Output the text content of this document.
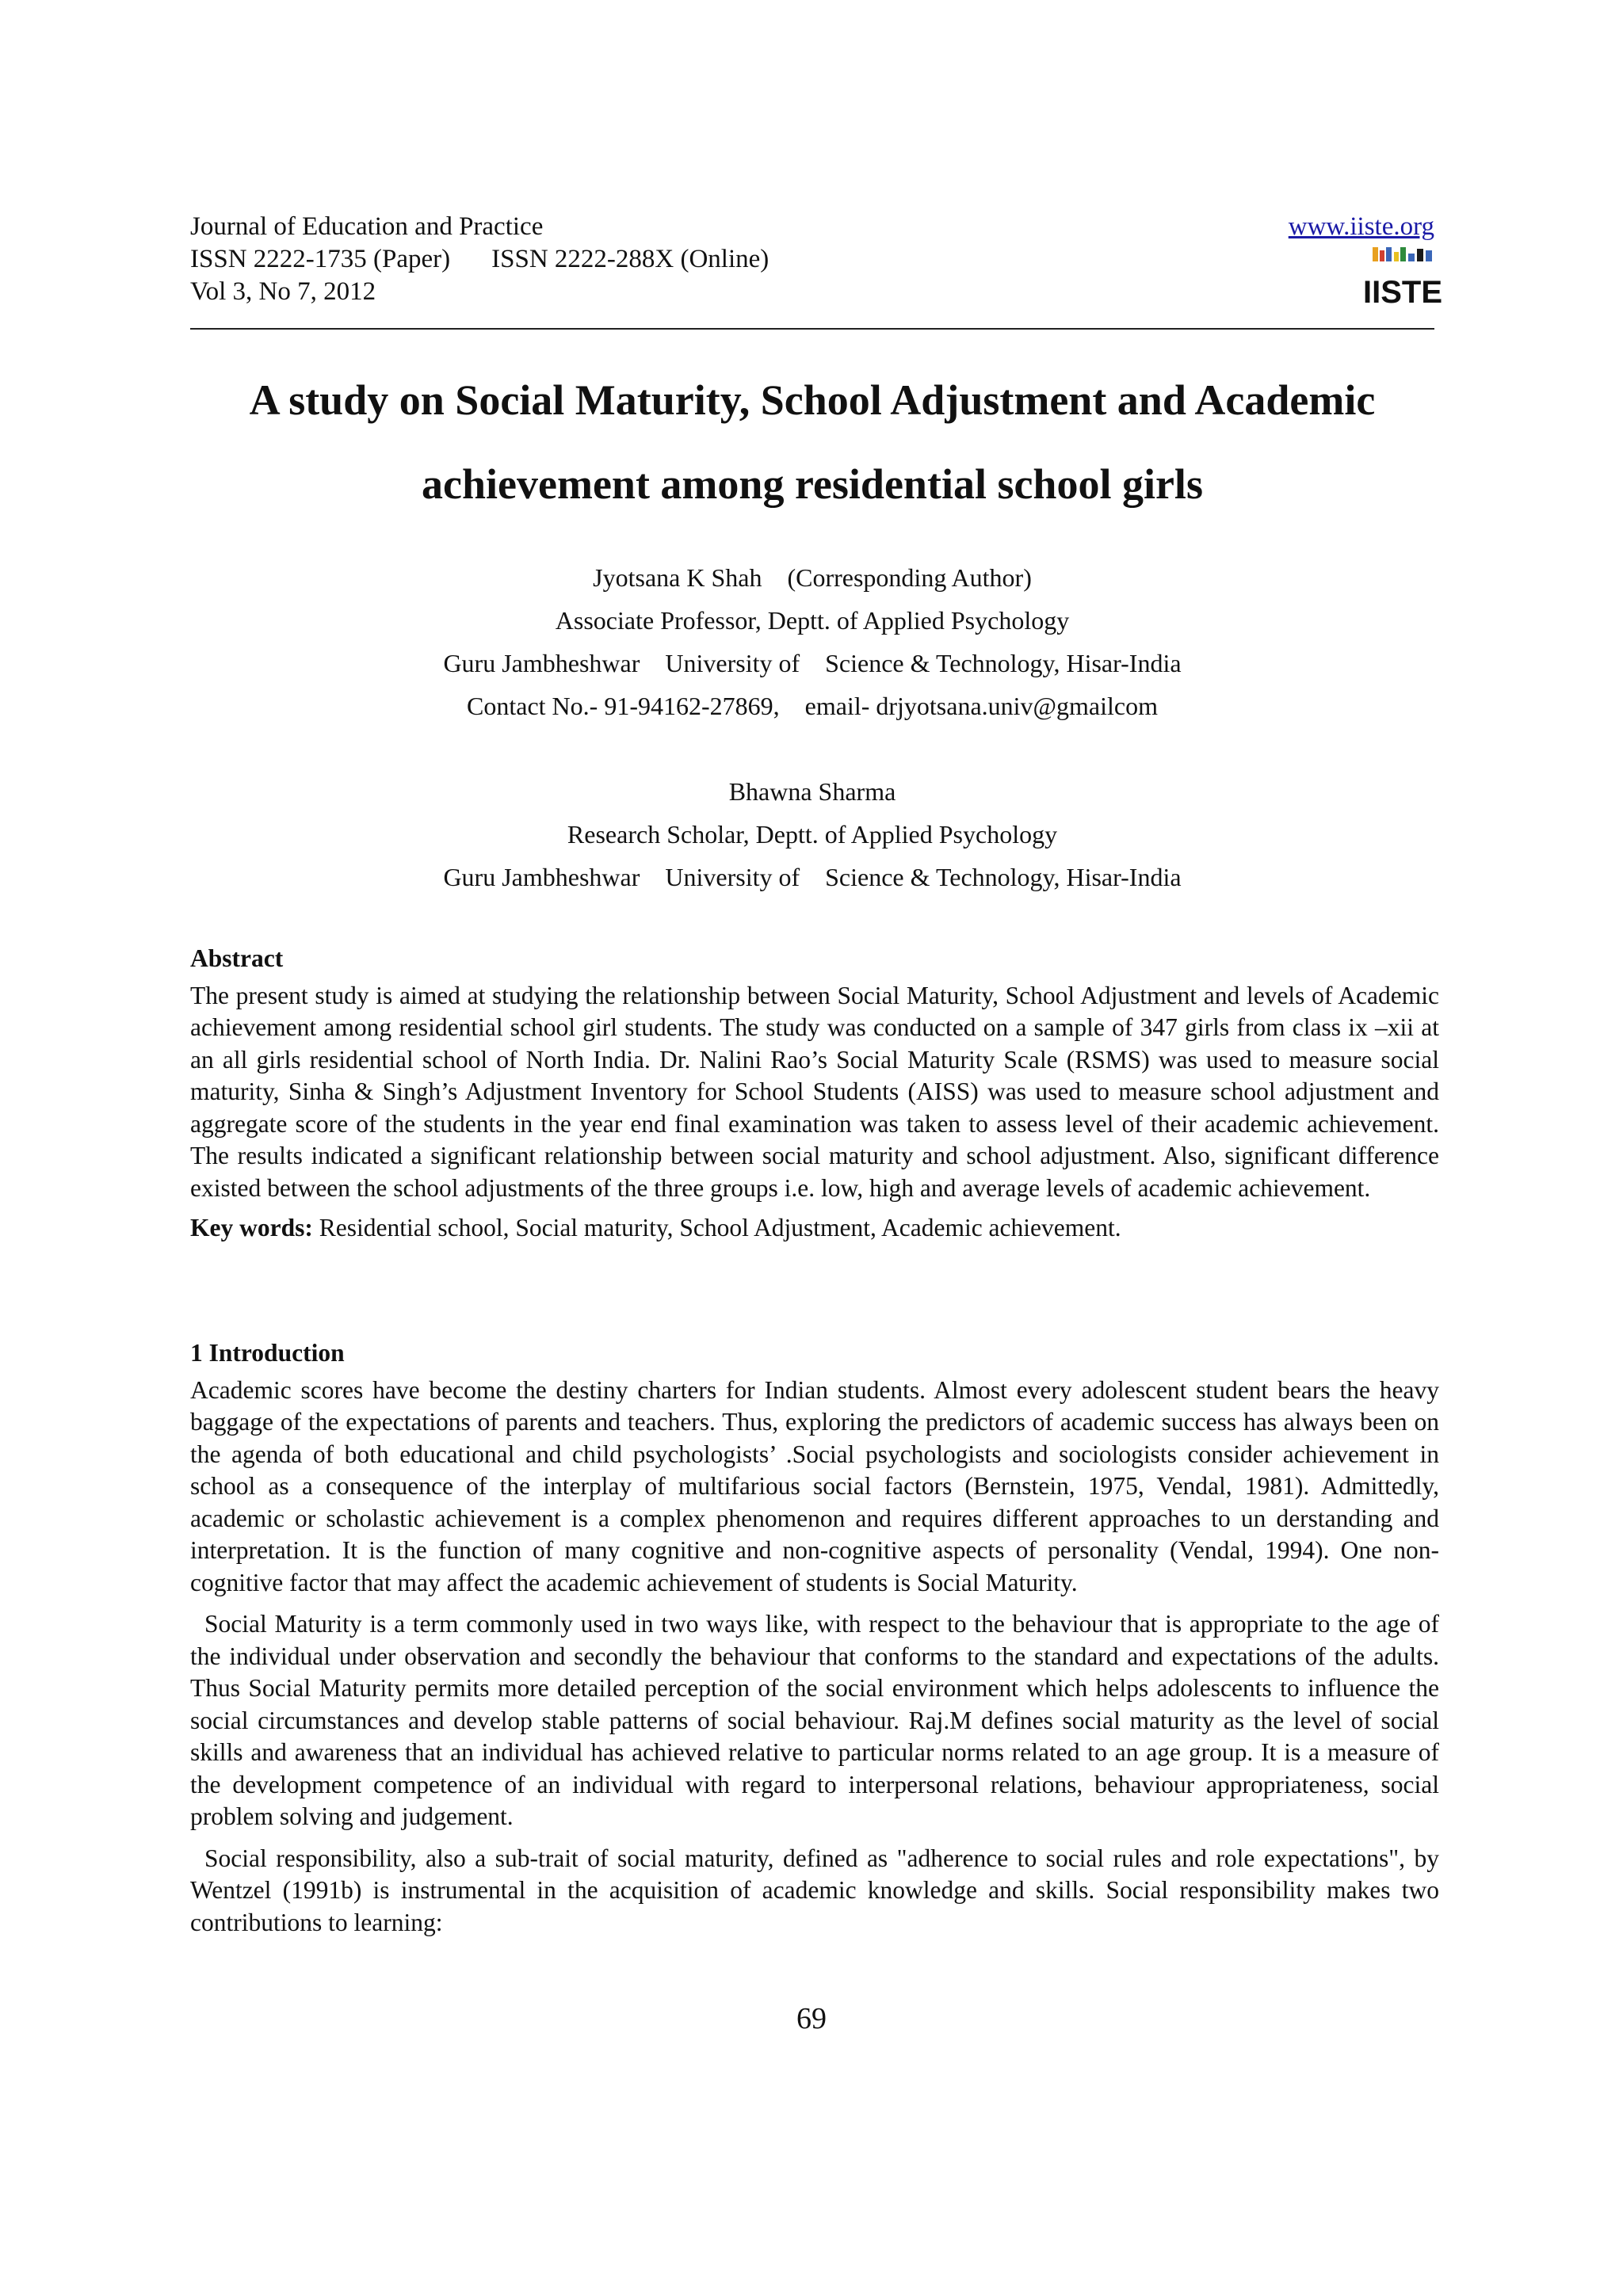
Journal of Education and Practice
ISSN 2222-1735 (Paper) ISSN 2222-288X (Online)
Vol 3, No 7, 2012
www.iiste.org
IISTE
A study on Social Maturity, School Adjustment and Academic
achievement among residential school girls
Jyotsana K Shah (Corresponding Author)
Associate Professor, Deptt. of Applied Psychology
Guru Jambheshwar University of Science & Technology, Hisar-India
Contact No.- 91-94162-27869, email- drjyotsana.univ@gmailcom
Bhawna Sharma
Research Scholar, Deptt. of Applied Psychology
Guru Jambheshwar University of Science & Technology, Hisar-India
Abstract

The present study is aimed at studying the relationship between Social Maturity, School Adjustment and levels of Academic achievement among residential school girl students. The study was conducted on a sample of 347 girls from class ix –xii at an all girls residential school of North India. Dr. Nalini Rao’s Social Maturity Scale (RSMS) was used to measure social maturity, Sinha & Singh’s Adjustment Inventory for School Students (AISS) was used to measure school adjustment and aggregate score of the students in the year end final examination was taken to assess level of their academic achievement. The results indicated a significant relationship between social maturity and school adjustment. Also, significant difference existed between the school adjustments of the three groups i.e. low, high and average levels of academic achievement.

Key words: Residential school, Social maturity, School Adjustment, Academic achievement.

1 Introduction

Academic scores have become the destiny charters for Indian students. Almost every adolescent student bears the heavy baggage of the expectations of parents and teachers. Thus, exploring the predictors of academic success has always been on the agenda of both educational and child psychologists’ .Social psychologists and sociologists consider achievement in school as a consequence of the interplay of multifarious social factors (Bernstein, 1975, Vendal, 1981). Admittedly, academic or scholastic achievement is a complex phenomenon and requires different approaches to un derstanding and interpretation. It is the function of many cognitive and non-cognitive aspects of personality (Vendal, 1994). One non-cognitive factor that may affect the academic achievement of students is Social Maturity.

Social Maturity is a term commonly used in two ways like, with respect to the behaviour that is appropriate to the age of the individual under observation and secondly the behaviour that conforms to the standard and expectations of the adults. Thus Social Maturity permits more detailed perception of the social environment which helps adolescents to influence the social circumstances and develop stable patterns of social behaviour. Raj.M defines social maturity as the level of social skills and awareness that an individual has achieved relative to particular norms related to an age group. It is a measure of the development competence of an individual with regard to interpersonal relations, behaviour appropriateness, social problem solving and judgement.

Social responsibility, also a sub-trait of social maturity, defined as "adherence to social rules and role expectations", by Wentzel (1991b) is instrumental in the acquisition of academic knowledge and skills. Social responsibility makes two contributions to learning:

69
